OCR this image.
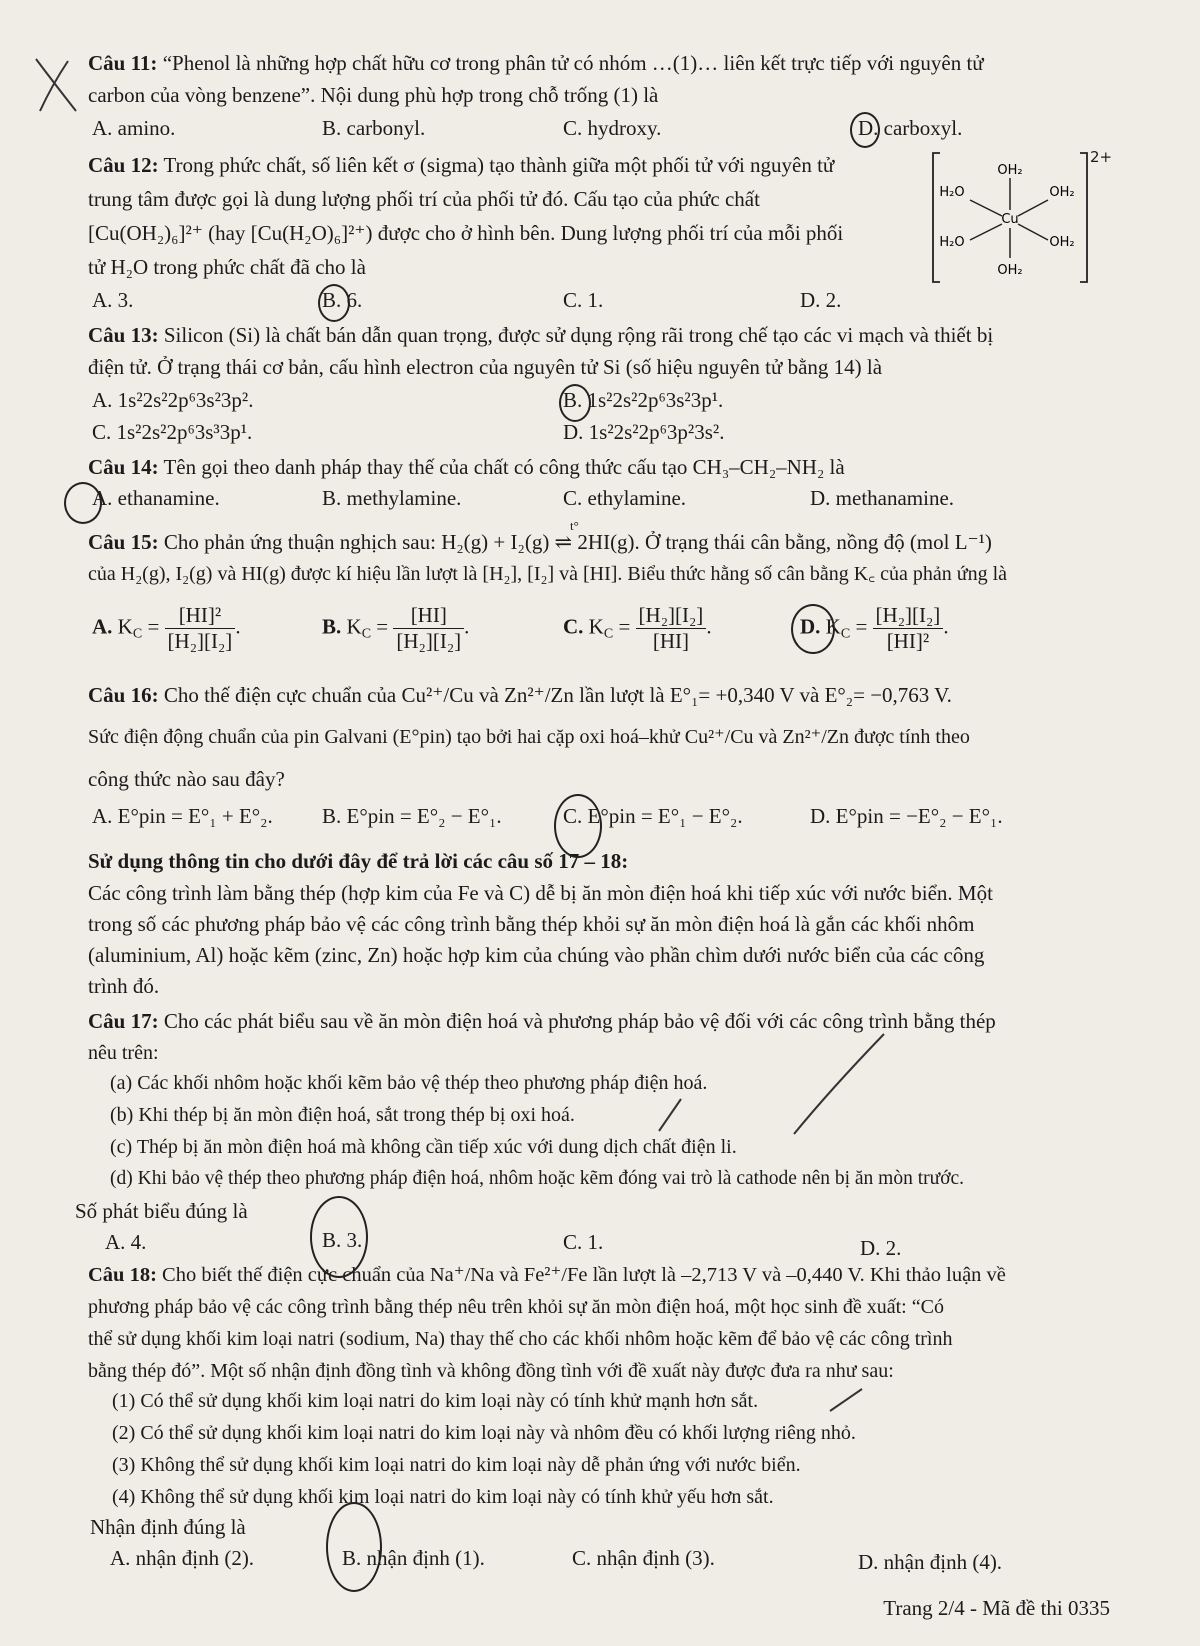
Câu 11: “Phenol là những hợp chất hữu cơ trong phân tử có nhóm …(1)… liên kết trực tiếp với nguyên tử
carbon của vòng benzene”. Nội dung phù hợp trong chỗ trống (1) là
A. amino.	B. carbonyl.	C. hydroxy.	D. carboxyl.
Câu 12: Trong phức chất, số liên kết σ (sigma) tạo thành giữa một phối tử với nguyên tử
trung tâm được gọi là dung lượng phối trí của phối tử đó. Cấu tạo của phức chất
[Cu(OH₂)₆]²⁺ (hay [Cu(H₂O)₆]²⁺) được cho ở hình bên. Dung lượng phối trí của mỗi phối
tử H₂O trong phức chất đã cho là
A. 3.	B. 6.	C. 1.	D. 2.
Cu
OH₂
OH₂
H₂O
H₂O
OH₂
OH₂
2+
Câu 13: Silicon (Si) là chất bán dẫn quan trọng, được sử dụng rộng rãi trong chế tạo các vi mạch và thiết bị
điện tử. Ở trạng thái cơ bản, cấu hình electron của nguyên tử Si (số hiệu nguyên tử bằng 14) là
A. 1s²2s²2p⁶3s²3p².	B. 1s²2s²2p⁶3s²3p¹.
C. 1s²2s²2p⁶3s³3p¹.	D. 1s²2s²2p⁶3p²3s².
Câu 14: Tên gọi theo danh pháp thay thế của chất có công thức cấu tạo CH₃–CH₂–NH₂ là
A. ethanamine.	B. methylamine.	C. ethylamine.	D. methanamine.
Câu 15: Cho phản ứng thuận nghịch sau: H₂(g) + I₂(g) ⇌ 2HI(g). Ở trạng thái cân bằng, nồng độ (mol L⁻¹)
t°
của H₂(g), I₂(g) và HI(g) được kí hiệu lần lượt là [H₂], [I₂] và [HI]. Biểu thức hằng số cân bằng K꜀ của phản ứng là
A. $K_C = \frac{\text{[HI]²}}{\text{[H₂][I₂]}}$ .	B. $K_C = \frac{[HI]}{\text{[H₂][I₂]}}$ .	C. $K_C = \frac{\text{[H₂][I₂]}}{[HI]}$ .	D. $K_C = \frac{\text{[H₂][I₂]}}{\text{[HI]²}}$ .
Câu 16: Cho thế điện cực chuẩn của Cu²⁺/Cu và Zn²⁺/Zn lần lượt là E°₁= +0,340 V và E°₂= −0,763 V.
Sức điện động chuẩn của pin Galvani (E°pin) tạo bởi hai cặp oxi hoá–khử Cu²⁺/Cu và Zn²⁺/Zn được tính theo
công thức nào sau đây?
A. E°pin = E°₁ + E°₂. B. E°pin = E°₂ − E°₁.	C. E°pin = E°₁ − E°₂.	D. E°pin = −E°₂ − E°₁.
Sử dụng thông tin cho dưới đây để trả lời các câu số 17 – 18:
Các công trình làm bằng thép (hợp kim của Fe và C) dễ bị ăn mòn điện hoá khi tiếp xúc với nước biển. Một
trong số các phương pháp bảo vệ các công trình bằng thép khỏi sự ăn mòn điện hoá là gắn các khối nhôm
(aluminium, Al) hoặc kẽm (zinc, Zn) hoặc hợp kim của chúng vào phần chìm dưới nước biển của các công
trình đó.
Câu 17: Cho các phát biểu sau về ăn mòn điện hoá và phương pháp bảo vệ đối với các công trình bằng thép
nêu trên:
(a) Các khối nhôm hoặc khối kẽm bảo vệ thép theo phương pháp điện hoá.
(b) Khi thép bị ăn mòn điện hoá, sắt trong thép bị oxi hoá.
(c) Thép bị ăn mòn điện hoá mà không cần tiếp xúc với dung dịch chất điện li.
(d) Khi bảo vệ thép theo phương pháp điện hoá, nhôm hoặc kẽm đóng vai trò là cathode nên bị ăn mòn trước.
Số phát biểu đúng là
A. 4.	B. 3.	C. 1.	D. 2.
Câu 18: Cho biết thế điện cực chuẩn của Na⁺/Na và Fe²⁺/Fe lần lượt là –2,713 V và –0,440 V. Khi thảo luận về
phương pháp bảo vệ các công trình bằng thép nêu trên khỏi sự ăn mòn điện hoá, một học sinh đề xuất: “Có
thể sử dụng khối kim loại natri (sodium, Na) thay thế cho các khối nhôm hoặc kẽm để bảo vệ các công trình
bằng thép đó”. Một số nhận định đồng tình và không đồng tình với đề xuất này được đưa ra như sau:
(1) Có thể sử dụng khối kim loại natri do kim loại này có tính khử mạnh hơn sắt.
(2) Có thể sử dụng khối kim loại natri do kim loại này và nhôm đều có khối lượng riêng nhỏ.
(3) Không thể sử dụng khối kim loại natri do kim loại này dễ phản ứng với nước biển.
(4) Không thể sử dụng khối kim loại natri do kim loại này có tính khử yếu hơn sắt.
Nhận định đúng là
A. nhận định (2).	B. nhận định (1).	C. nhận định (3).	D. nhận định (4).
Trang 2/4 - Mã đề thi 0335
